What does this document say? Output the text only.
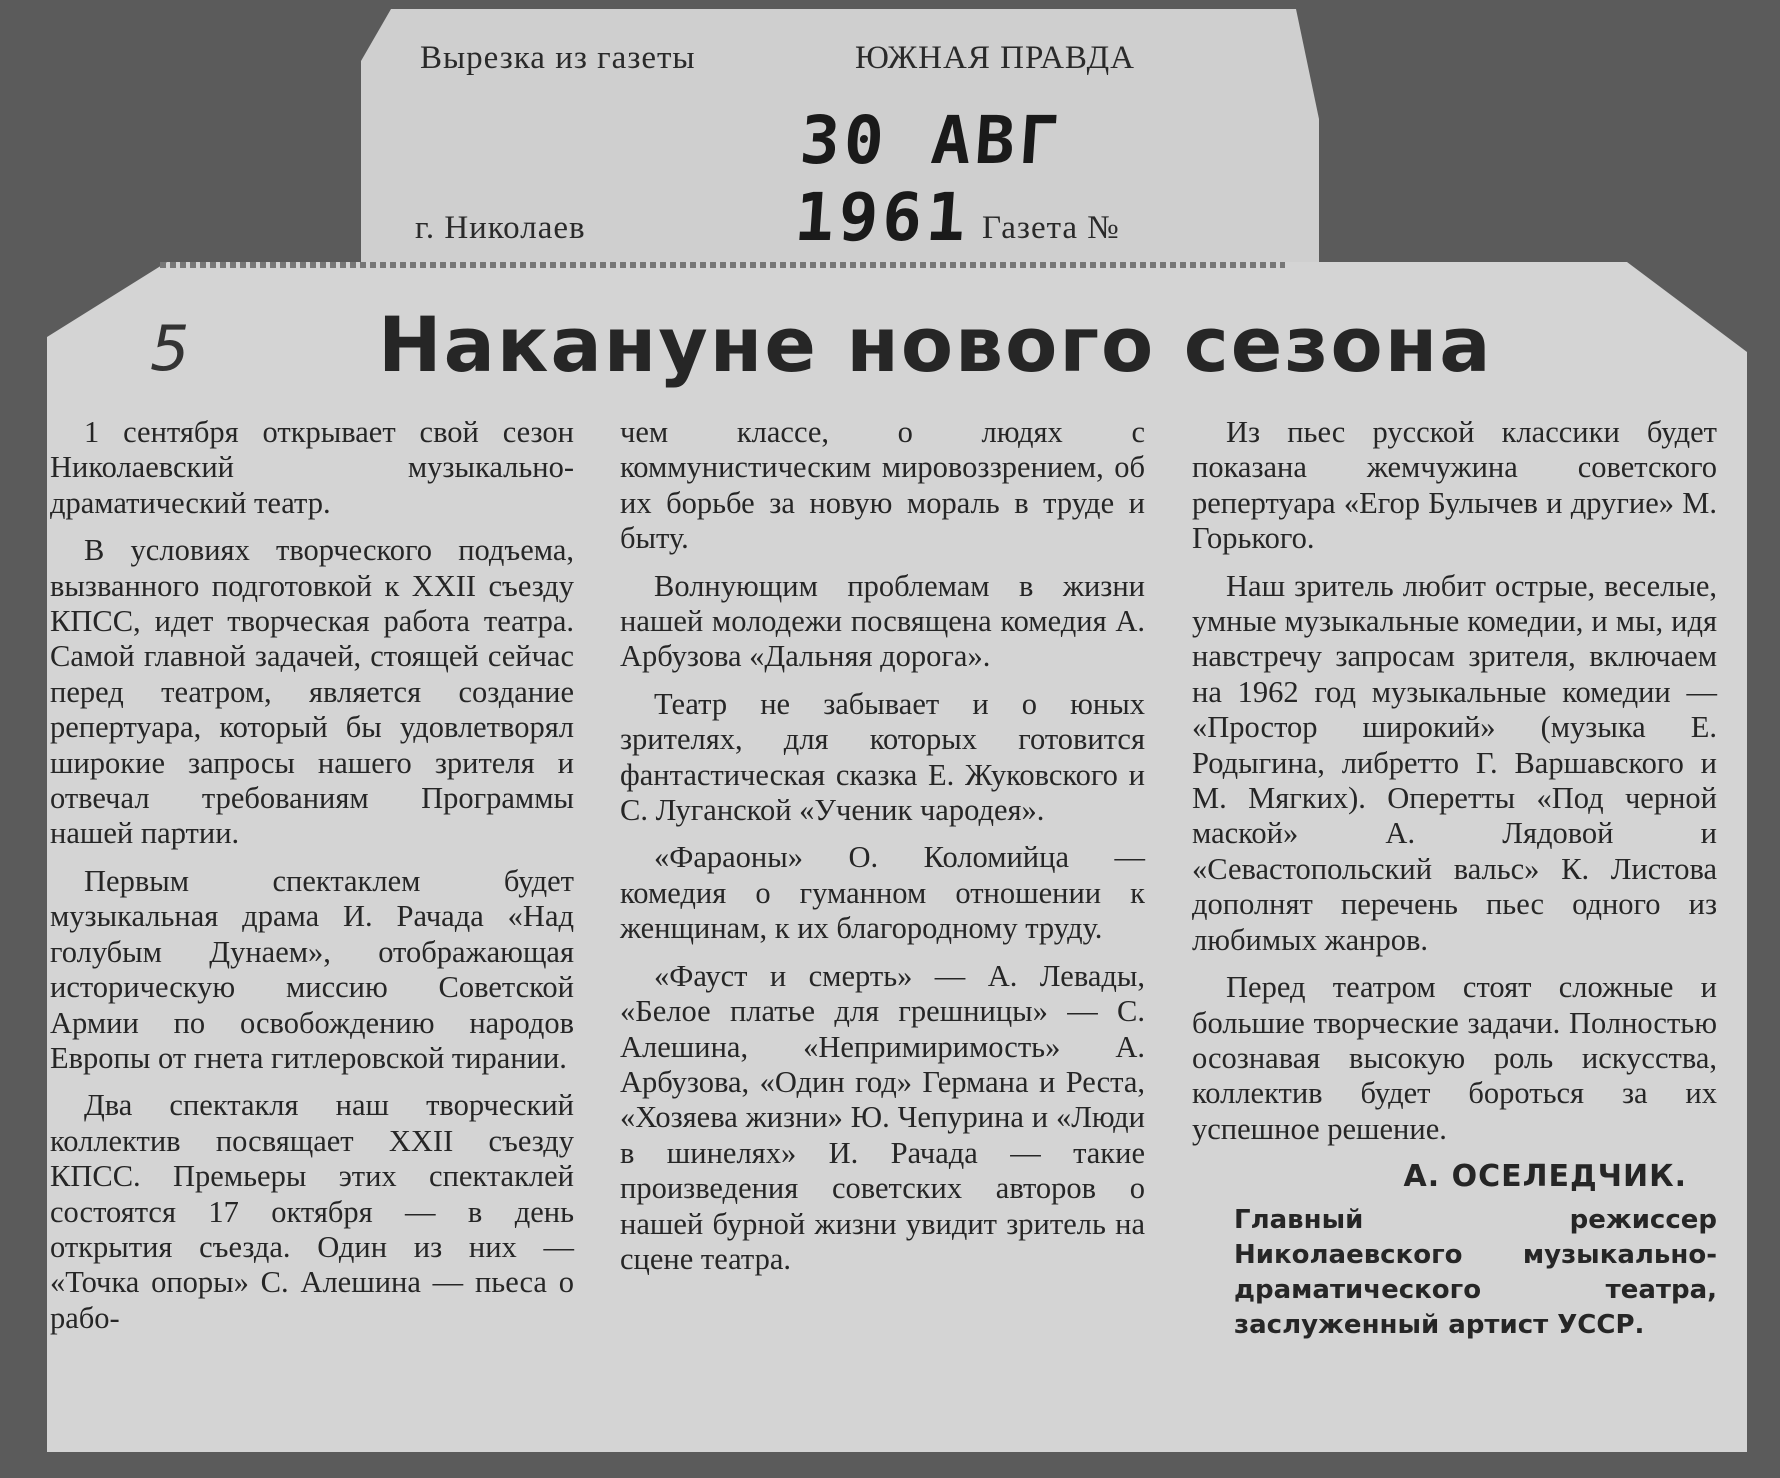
Вырезка из газеты	ЮЖНАЯ ПРАВДА
30 АВГ 1961
г. Николаев	Газета №
5 Накануне нового сезона

1 сентября открывает свой сезон Николаевский музыкально-драматический театр.

В условиях творческого подъема, вызванного подготовкой к XXII съезду КПСС, идет творческая работа театра. Самой главной задачей, стоящей сейчас перед театром, является создание репертуара, который бы удовлетворял широкие запросы нашего зрителя и отвечал требованиям Программы нашей партии.

Первым спектаклем будет музыкальная драма И. Рачада «Над голубым Дунаем», отображающая историческую миссию Советской Армии по освобождению народов Европы от гнета гитлеровской тирании.

Два спектакля наш творческий коллектив посвящает XXII съезду КПСС. Премьеры этих спектаклей состоятся 17 октября — в день открытия съезда. Один из них — «Точка опоры» С. Алешина — пьеса о рабо-

чем классе, о людях с коммунистическим мировоззрением, об их борьбе за новую мораль в труде и быту.

Волнующим проблемам в жизни нашей молодежи посвящена комедия А. Арбузова «Дальняя дорога».

Театр не забывает и о юных зрителях, для которых готовится фантастическая сказка Е. Жуковского и С. Луганской «Ученик чародея».

«Фараоны» О. Коломийца — комедия о гуманном отношении к женщинам, к их благородному труду.

«Фауст и смерть» — А. Левады, «Белое платье для грешницы» — С. Алешина, «Непримиримость» А. Арбузова, «Один год» Германа и Реста, «Хозяева жизни» Ю. Чепурина и «Люди в шинелях» И. Рачада — такие произведения советских авторов о нашей бурной жизни увидит зритель на сцене театра.

Из пьес русской классики будет показана жемчужина советского репертуара «Егор Булычев и другие» М. Горького.

Наш зритель любит острые, веселые, умные музыкальные комедии, и мы, идя навстречу запросам зрителя, включаем на 1962 год музыкальные комедии — «Простор широкий» (музыка Е. Родыгина, либретто Г. Варшавского и М. Мягких). Оперетты «Под черной маской» А. Лядовой и «Севастопольский вальс» К. Листова дополнят перечень пьес одного из любимых жанров.

Перед театром стоят сложные и большие творческие задачи. Полностью осознавая высокую роль искусства, коллектив будет бороться за их успешное решение.

А. ОСЕЛЕДЧИК.
Главный режиссер Николаевского музыкально-драматического театра, заслуженный артист УССР.
